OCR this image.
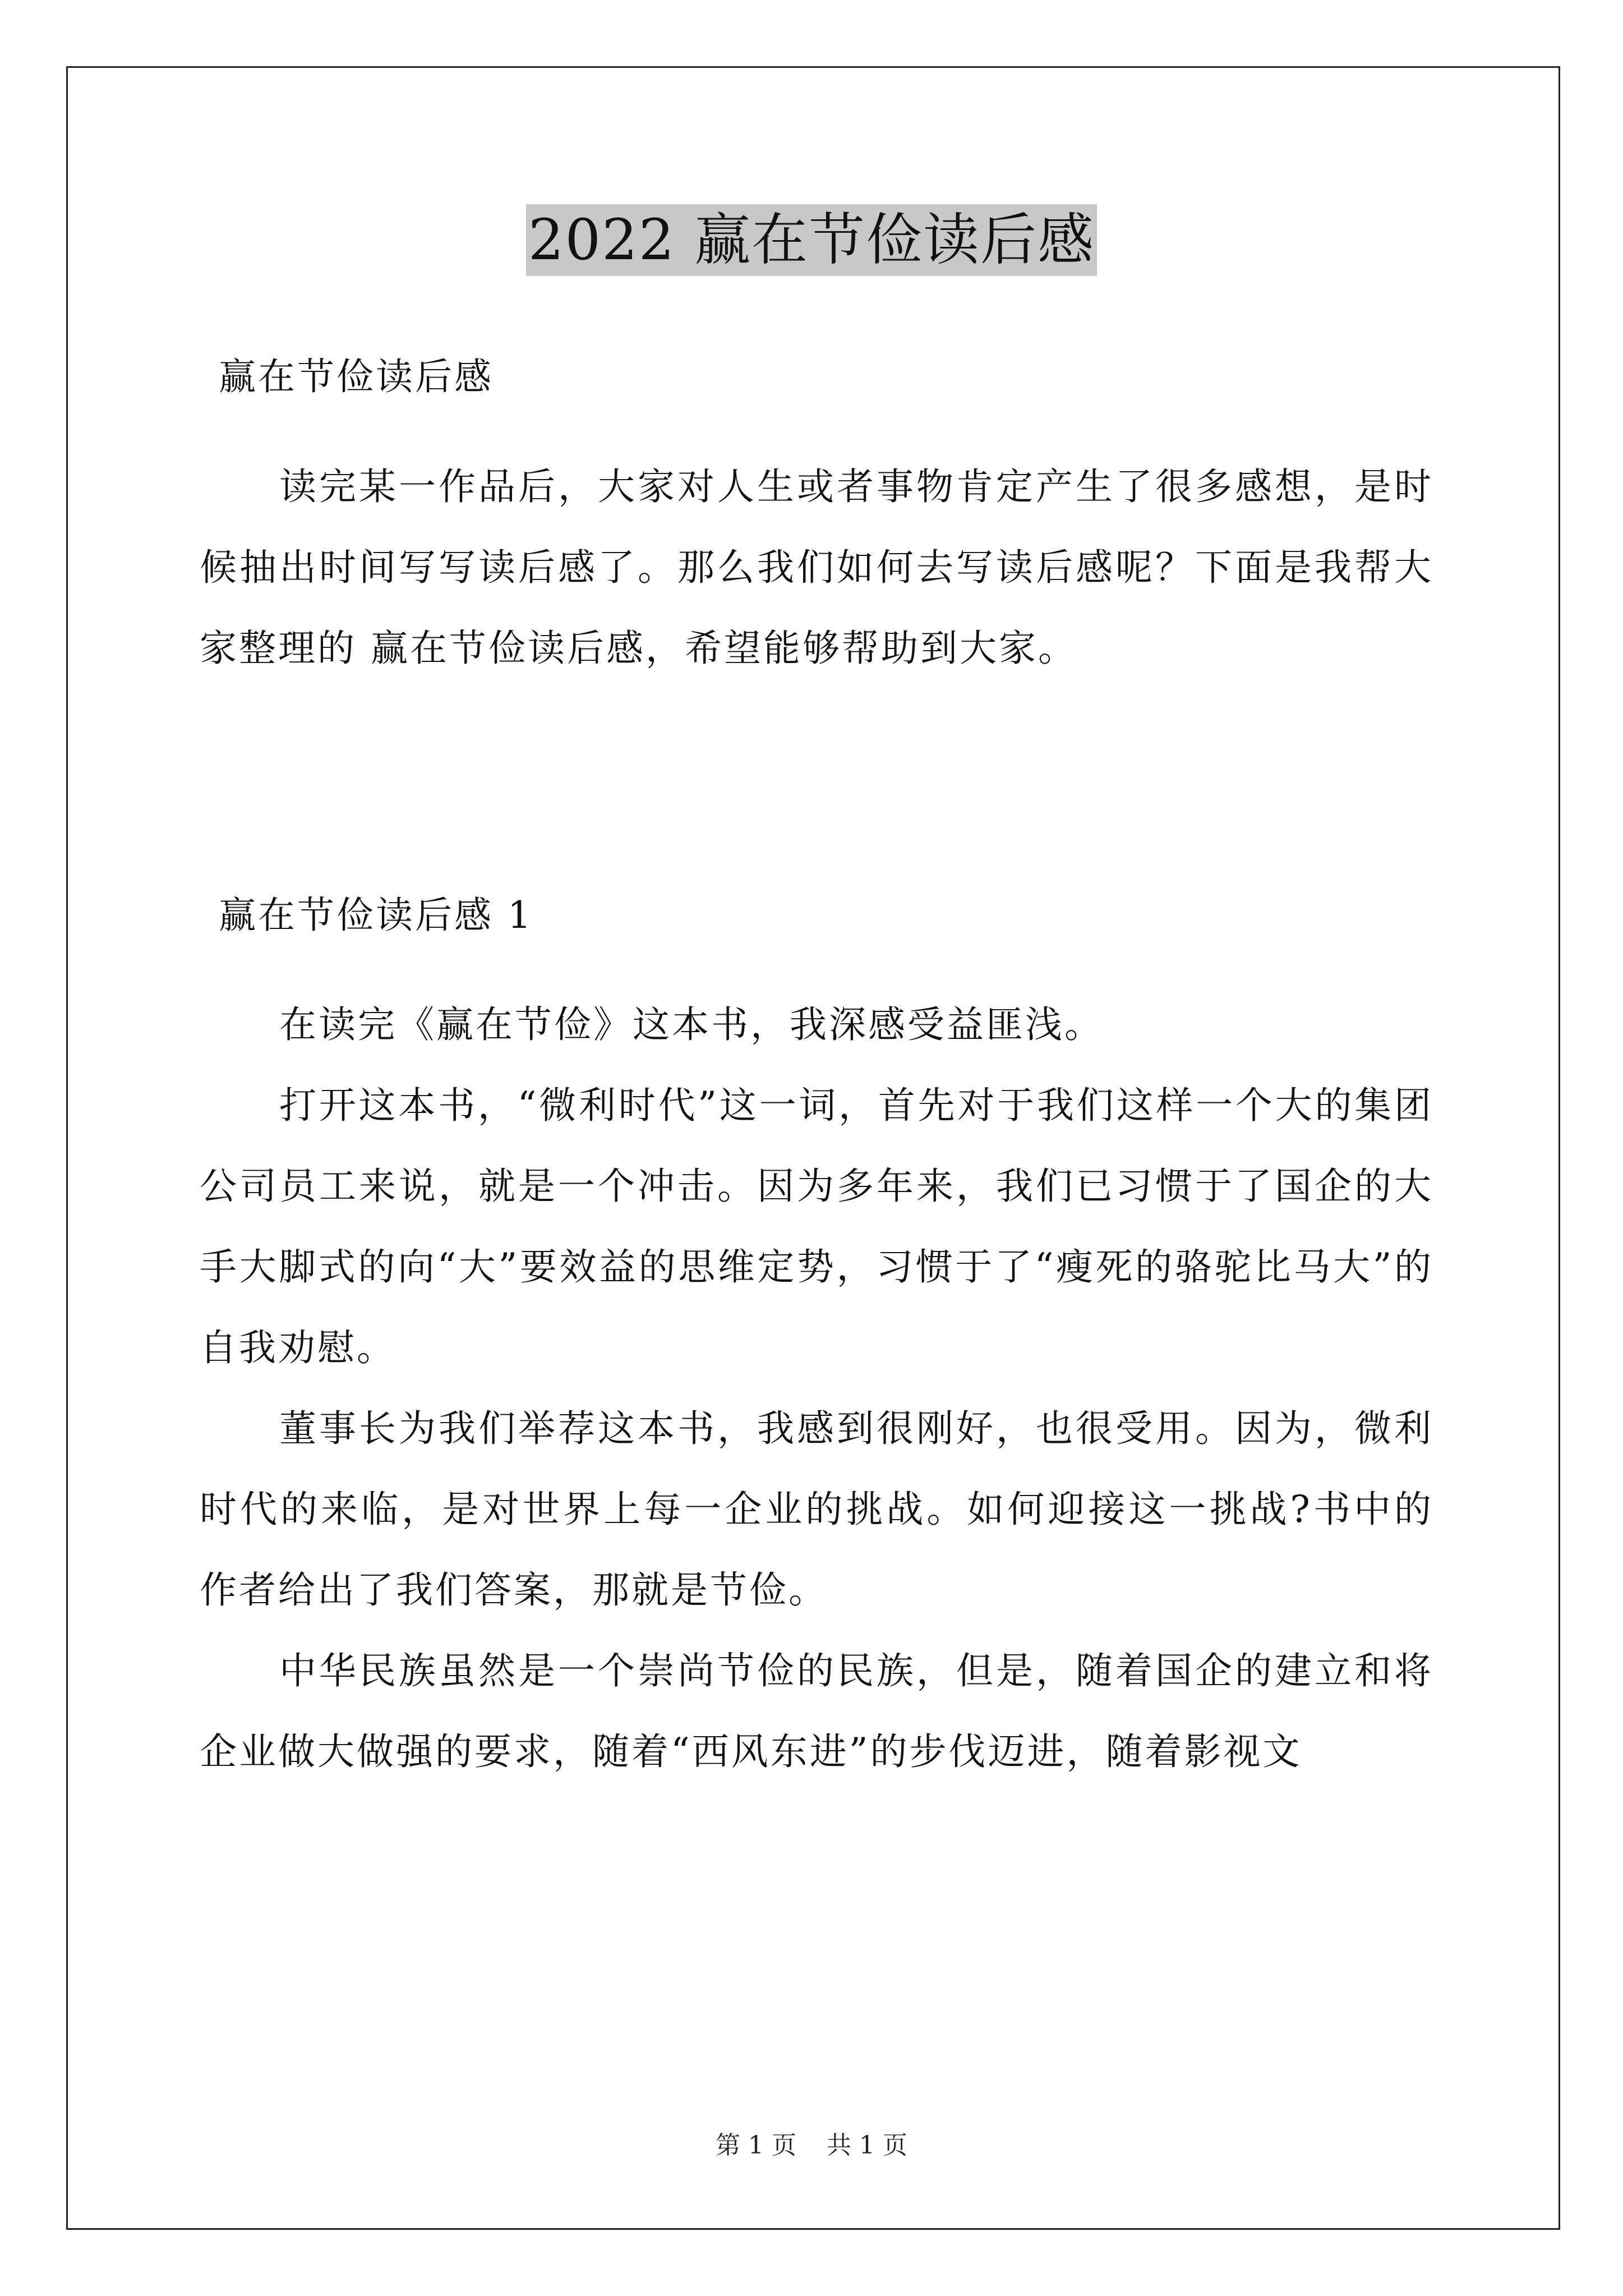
2022 赢在节俭读后感
赢在节俭读后感
读完某一作品后，大家对人生或者事物肯定产生了很多感想，是时候抽出时间写写读后感了。那么我们如何去写读后感呢？下面是我帮大家整理的 赢在节俭读后感，希望能够帮助到大家。
赢在节俭读后感 1
在读完《赢在节俭》这本书，我深感受益匪浅。
打开这本书，“微利时代”这一词，首先对于我们这样一个大的集团公司员工来说，就是一个冲击。因为多年来，我们已习惯于了国企的大手大脚式的向“大”要效益的思维定势，习惯于了“瘦死的骆驼比马大”的自我劝慰。
董事长为我们举荐这本书，我感到很刚好，也很受用。因为，微利时代的来临，是对世界上每一企业的挑战。如何迎接这一挑战?书中的作者给出了我们答案，那就是节俭。
中华民族虽然是一个崇尚节俭的民族，但是，随着国企的建立和将企业做大做强的要求，随着“西风东进”的步伐迈进，随着影视文
第 1 页 共 1 页
